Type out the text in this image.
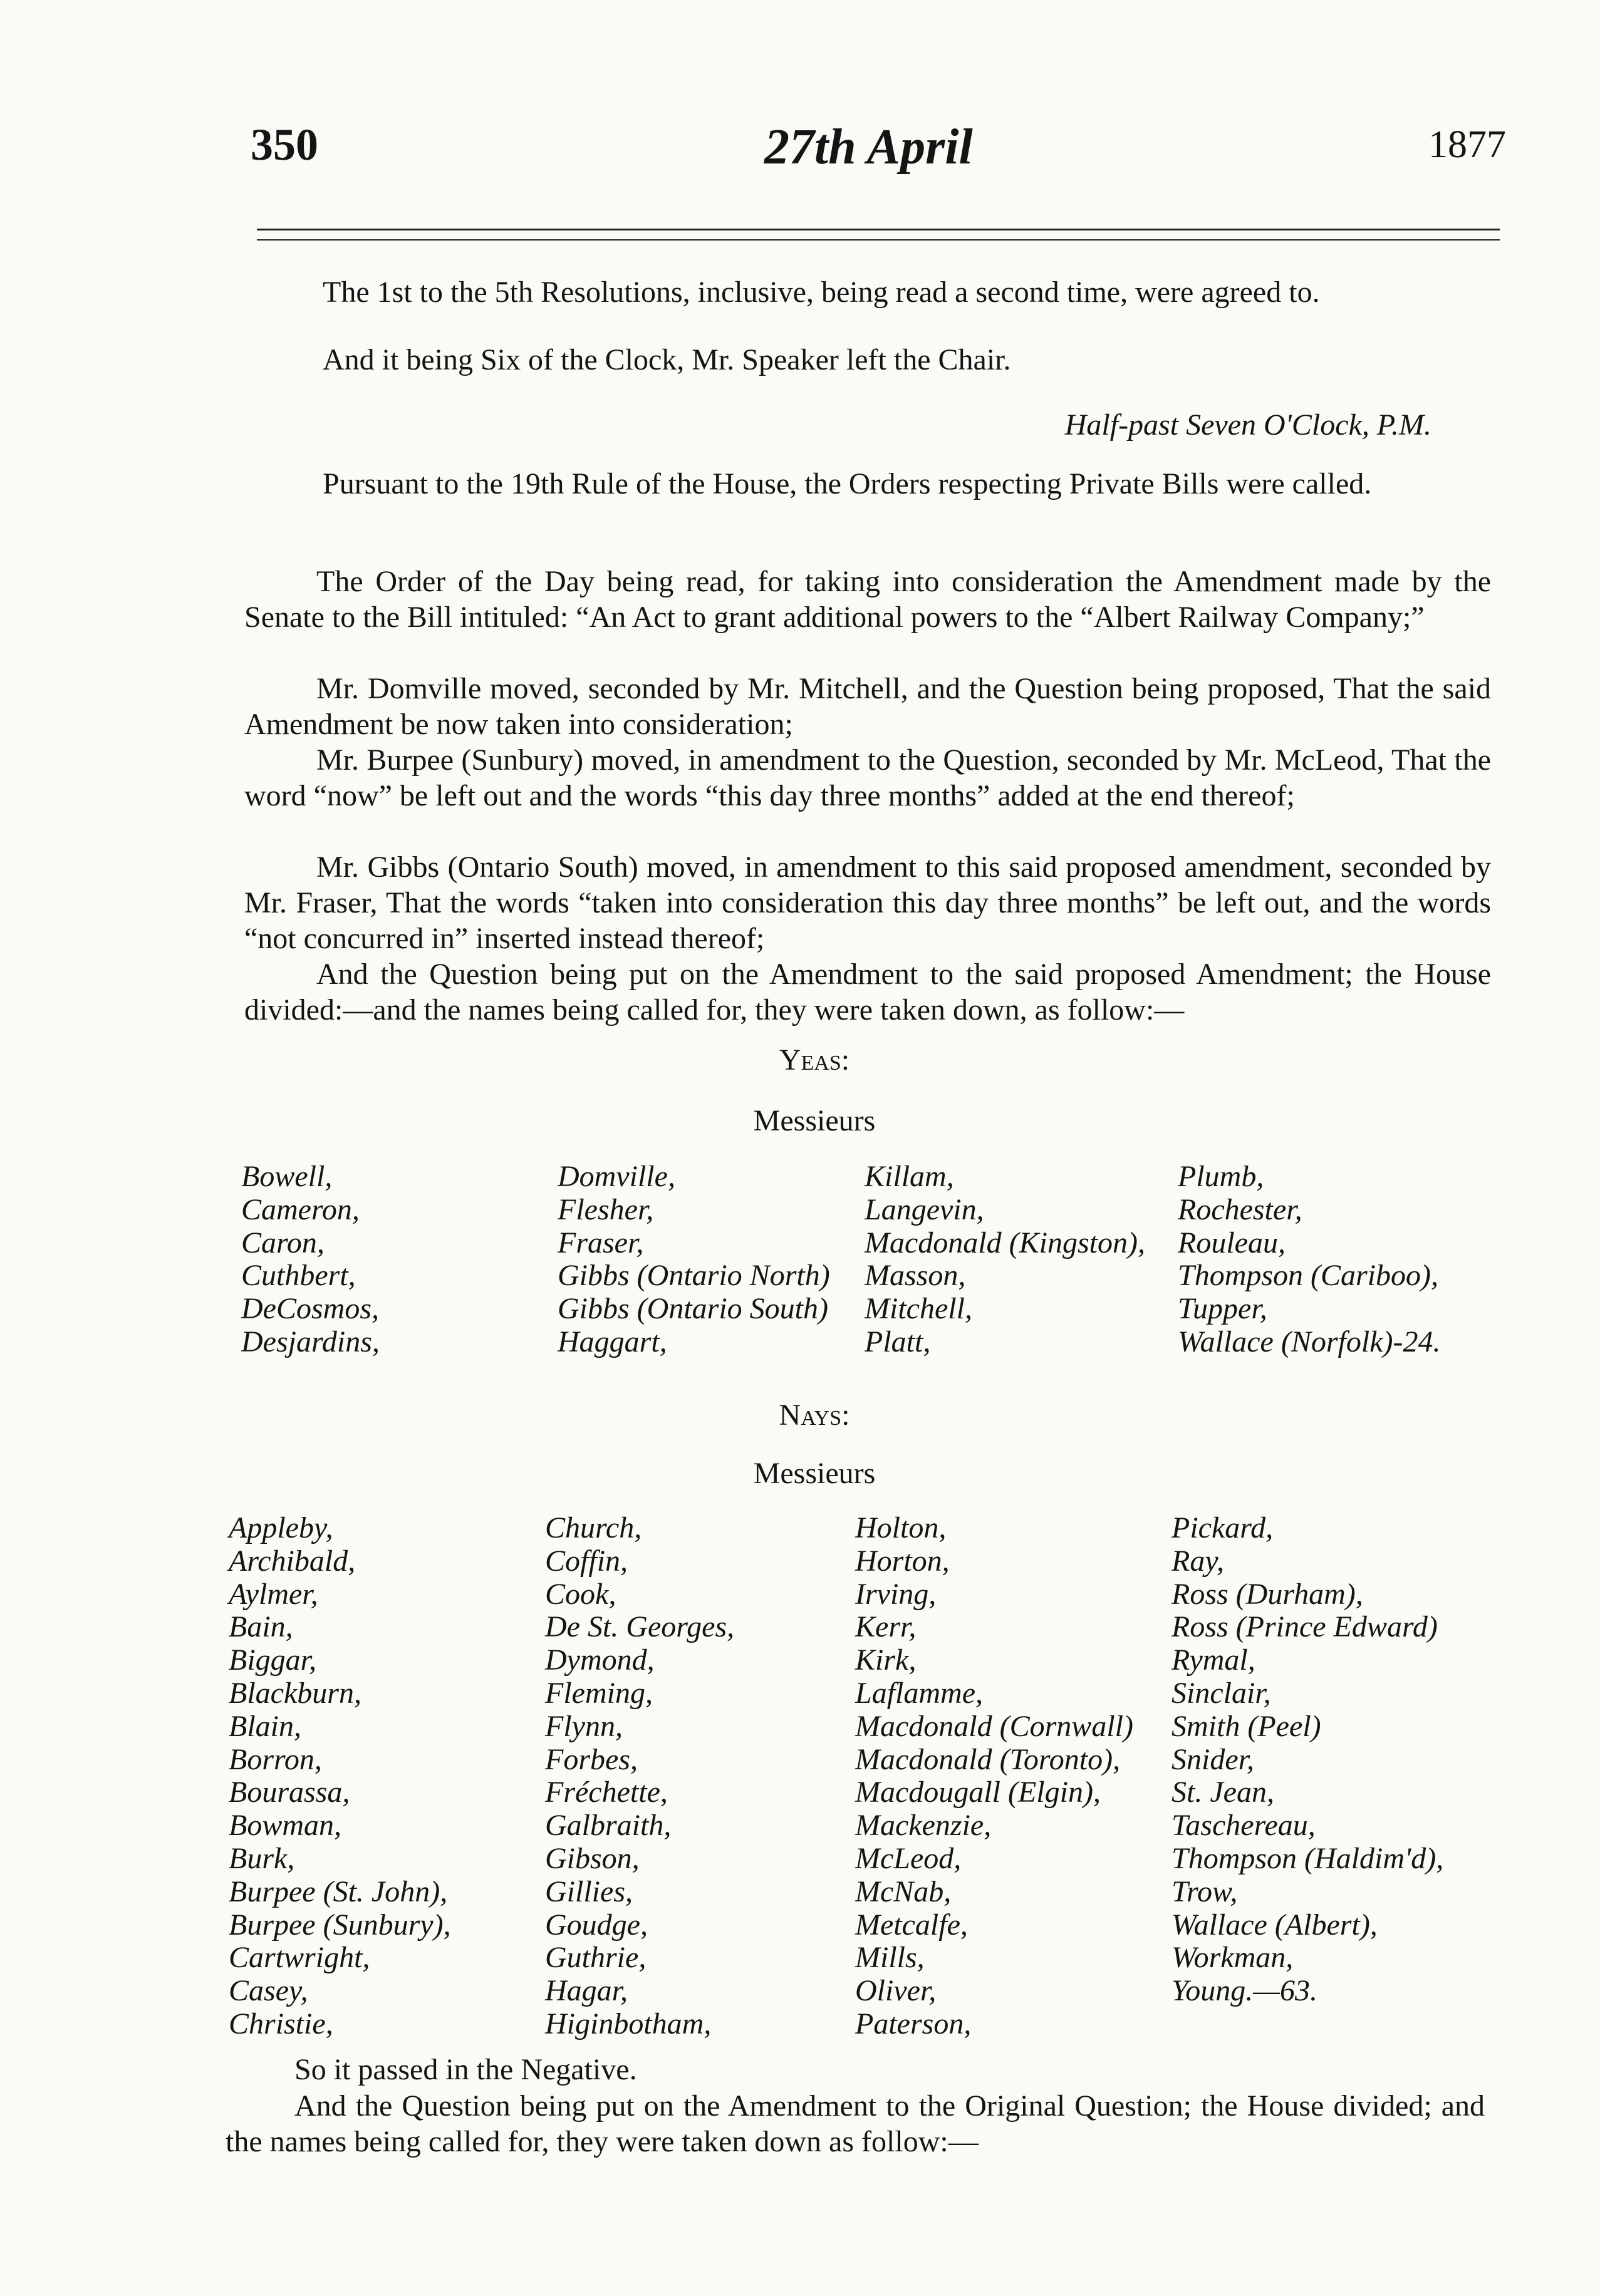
350	27th April	1877
The 1st to the 5th Resolutions, inclusive, being read a second time, were agreed to.
And it being Six of the Clock, Mr. Speaker left the Chair.
Half-past Seven O'Clock, P.M.
Pursuant to the 19th Rule of the House, the Orders respecting Private Bills were called.
The Order of the Day being read, for taking into consideration the Amendment made by the Senate to the Bill intituled: “An Act to grant additional powers to the “Albert Railway Company;”
Mr. Domville moved, seconded by Mr. Mitchell, and the Question being proposed, That the said Amendment be now taken into consideration;
Mr. Burpee (Sunbury) moved, in amendment to the Question, seconded by Mr. McLeod, That the word “now” be left out and the words “this day three months” added at the end thereof;
Mr. Gibbs (Ontario South) moved, in amendment to this said proposed amendment, seconded by Mr. Fraser, That the words “taken into consideration this day three months” be left out, and the words “not concurred in” inserted instead thereof;
And the Question being put on the Amendment to the said proposed Amendment; the House divided:—and the names being called for, they were taken down, as follow:—
Yeas:
Messieurs
Bowell,
Cameron,
Caron,
Cuthbert,
DeCosmos,
Desjardins,
Domville,
Flesher,
Fraser,
Gibbs (Ontario North)
Gibbs (Ontario South)
Haggart,
Killam,
Langevin,
Macdonald (Kingston),
Masson,
Mitchell,
Platt,
Plumb,
Rochester,
Rouleau,
Thompson (Cariboo),
Tupper,
Wallace (Norfolk)-24.
Nays:
Messieurs
Appleby,
Archibald,
Aylmer,
Bain,
Biggar,
Blackburn,
Blain,
Borron,
Bourassa,
Bowman,
Burk,
Burpee (St. John),
Burpee (Sunbury),
Cartwright,
Casey,
Christie,
Church,
Coffin,
Cook,
De St. Georges,
Dymond,
Fleming,
Flynn,
Forbes,
Fréchette,
Galbraith,
Gibson,
Gillies,
Goudge,
Guthrie,
Hagar,
Higinbotham,
Holton,
Horton,
Irving,
Kerr,
Kirk,
Laflamme,
Macdonald (Cornwall)
Macdonald (Toronto),
Macdougall (Elgin),
Mackenzie,
McLeod,
McNab,
Metcalfe,
Mills,
Oliver,
Paterson,
Pickard,
Ray,
Ross (Durham),
Ross (Prince Edward)
Rymal,
Sinclair,
Smith (Peel)
Snider,
St. Jean,
Taschereau,
Thompson (Haldim'd),
Trow,
Wallace (Albert),
Workman,
Young.—63.
So it passed in the Negative.
And the Question being put on the Amendment to the Original Question; the House divided; and the names being called for, they were taken down as follow:—
